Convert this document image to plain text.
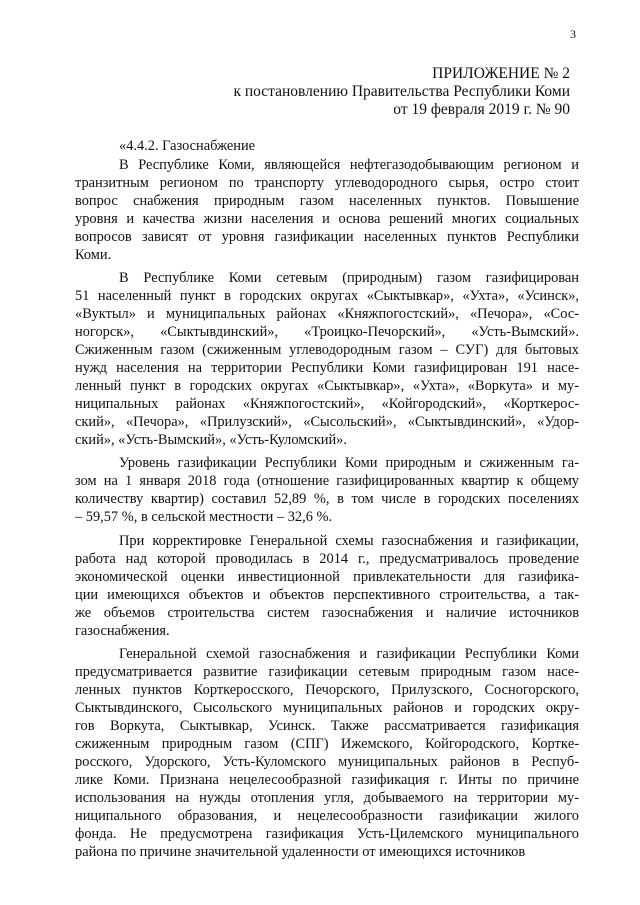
3
ПРИЛОЖЕНИЕ № 2
к постановлению Правительства Республики Коми
от 19 февраля 2019 г. № 90
«4.4.2. Газоснабжение
В Республике Коми, являющейся нефтегазодобывающим регионом и
транзитным регионом по транспорту углеводородного сырья, остро стоит
вопрос снабжения природным газом населенных пунктов. Повышение
уровня и качества жизни населения и основа решений многих социальных
вопросов зависят от уровня газификации населенных пунктов Республики
Коми.
В Республике Коми сетевым (природным) газом газифицирован
51 населенный пункт в городских округах «Сыктывкар», «Ухта», «Усинск»,
«Вуктыл» и муниципальных районах «Княжпогостский», «Печора», «Сос-
ногорск», «Сыктывдинский», «Троицко-Печорский», «Усть-Вымский».
Сжиженным газом (сжиженным углеводородным газом – СУГ) для бытовых
нужд населения на территории Республики Коми газифицирован 191 насе-
ленный пункт в городских округах «Сыктывкар», «Ухта», «Воркута» и му-
ниципальных районах «Княжпогостский», «Койгородский», «Корткерос-
ский», «Печора», «Прилузский», «Сысольский», «Сыктывдинский», «Удор-
ский», «Усть-Вымский», «Усть-Куломский».
Уровень газификации Республики Коми природным и сжиженным га-
зом на 1 января 2018 года (отношение газифицированных квартир к общему
количеству квартир) составил 52,89 %, в том числе в городских поселениях
– 59,57 %, в сельской местности – 32,6 %.
При корректировке Генеральной схемы газоснабжения и газификации,
работа над которой проводилась в 2014 г., предусматривалось проведение
экономической оценки инвестиционной привлекательности для газифика-
ции имеющихся объектов и объектов перспективного строительства, а так-
же объемов строительства систем газоснабжения и наличие источников
газоснабжения.
Генеральной схемой газоснабжения и газификации Республики Коми
предусматривается развитие газификации сетевым природным газом насе-
ленных пунктов Корткеросского, Печорского, Прилузского, Сосногорского,
Сыктывдинского, Сысольского муниципальных районов и городских окру-
гов Воркута, Сыктывкар, Усинск. Также рассматривается газификация
сжиженным природным газом (СПГ) Ижемского, Койгородского, Корткe-
росского, Удорского, Усть-Куломского муниципальных районов в Респуб-
лике Коми. Признана нецелесообразной газификация г. Инты по причине
использования на нужды отопления угля, добываемого на территории му-
ниципального образования, и нецелесообразности газификации жилого
фонда. Не предусмотрена газификация Усть-Цилемского муниципального
района по причине значительной удаленности от имеющихся источников
